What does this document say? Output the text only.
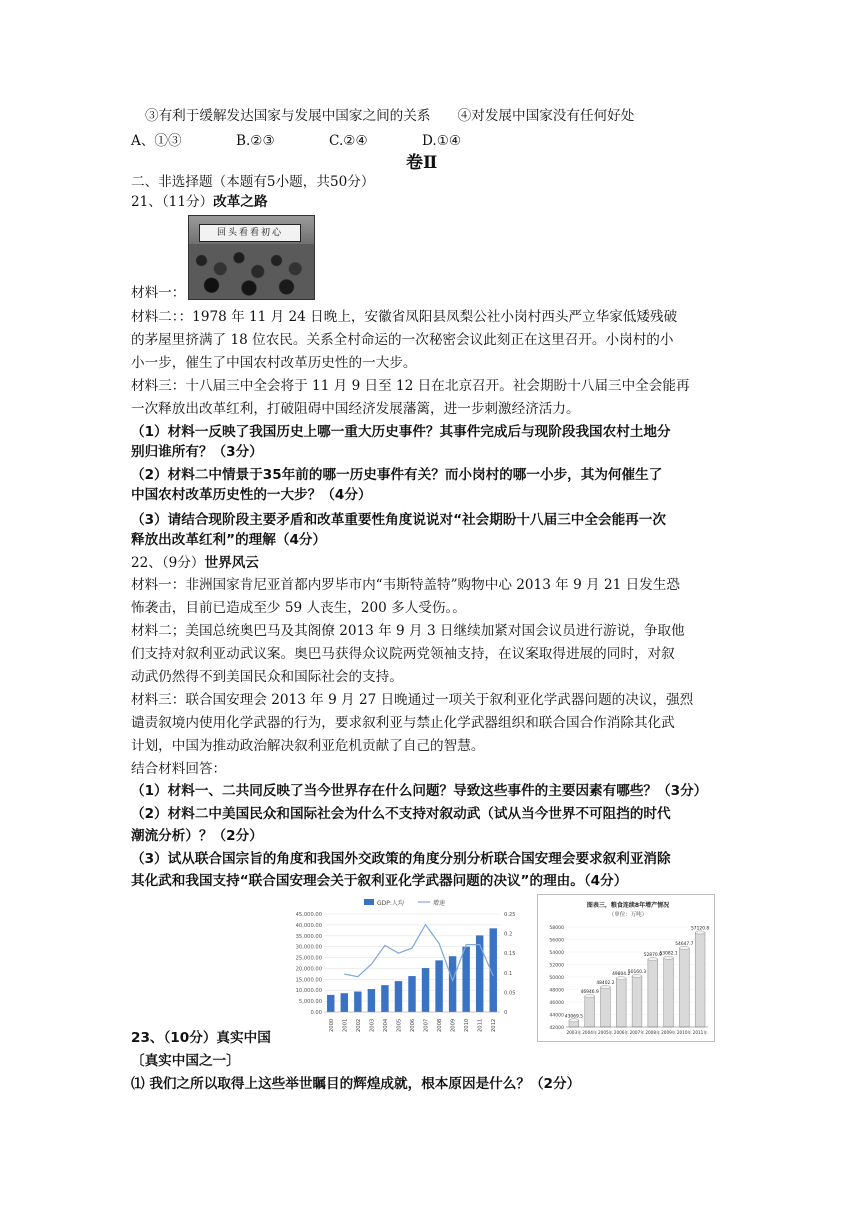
③有利于缓解发达国家与发展中国家之间的关系　　④对发展中国家没有任何好处
A、①③　　　　B.②③　　　　C.②④　　　　D.①④
卷Ⅱ
二、非选择题（本题有5小题，共50分）
21、（11分）改革之路
回头看看初心
材料一：
材料二：：1978 年 11 月 24 日晚上，安徽省凤阳县凤梨公社小岗村西头严立华家低矮残破
的茅屋里挤满了 18 位农民。关系全村命运的一次秘密会议此刻正在这里召开。小岗村的小
小一步，催生了中国农村改革历史性的一大步。
材料三：十八届三中全会将于 11 月 9 日至 12 日在北京召开。社会期盼十八届三中全会能再
一次释放出改革红利，打破阻碍中国经济发展藩篱，进一步刺激经济活力。
（1）材料一反映了我国历史上哪一重大历史事件？其事件完成后与现阶段我国农村土地分
别归谁所有？（3分）
（2）材料二中情景于35年前的哪一历史事件有关？而小岗村的哪一小步，其为何催生了
中国农村改革历史性的一大步？（4分）
（3）请结合现阶段主要矛盾和改革重要性角度说说对“社会期盼十八届三中全会能再一次
释放出改革红利”的理解（4分）
22、（9分）世界风云
材料一：非洲国家肯尼亚首都内罗毕市内“韦斯特盖特”购物中心 2013 年 9 月 21 日发生恐
怖袭击，目前已造成至少 59 人丧生，200 多人受伤。。
材料二；美国总统奥巴马及其阁僚 2013 年 9 月 3 日继续加紧对国会议员进行游说，争取他
们支持对叙利亚动武议案。奥巴马获得众议院两党领袖支持，在议案取得进展的同时，对叙
动武仍然得不到美国民众和国际社会的支持。
材料三：联合国安理会 2013 年 9 月 27 日晚通过一项关于叙利亚化学武器问题的决议，强烈
谴责叙境内使用化学武器的行为，要求叙利亚与禁止化学武器组织和联合国合作消除其化武
计划，中国为推动政治解决叙利亚危机贡献了自己的智慧。
结合材料回答：
（1）材料一、二共同反映了当今世界存在什么问题？导致这些事件的主要因素有哪些？（3分）
（2）材料二中美国民众和国际社会为什么不支持对叙动武（试从当今世界不可阻挡的时代
潮流分析）？（2分）
（3）试从联合国宗旨的角度和我国外交政策的角度分别分析联合国安理会要求叙利亚消除
其化武和我国支持“联合国安理会关于叙利亚化学武器问题的决议”的理由。（4分）
GDP:人均	增速
0.00
5,000.00
10,000.00
15,000.00
20,000.00
25,000.00
30,000.00
35,000.00
40,000.00
45,000.00
0
0.05
0.1
0.15
0.2
0.25
2000 2001 2002 2003 2004 2005 2006 2007 2008 2009 2010 2011 2012
图表三，粮食连续8年增产情况
（单位：万吨）
42000
44000
46000
48000
50000
52000
54000
56000
58000
43069.5
2003年
46946.9
2004年
48402.2
2005年
49804.2
2006年
50160.3
2007年
52870.9
2008年
53082.1
2009年
54647.7
2010年
57120.8
2011年
23、（10分）真实中国
〔真实中国之一〕
⑴ 我们之所以取得上这些举世瞩目的辉煌成就，根本原因是什么？（2分）
